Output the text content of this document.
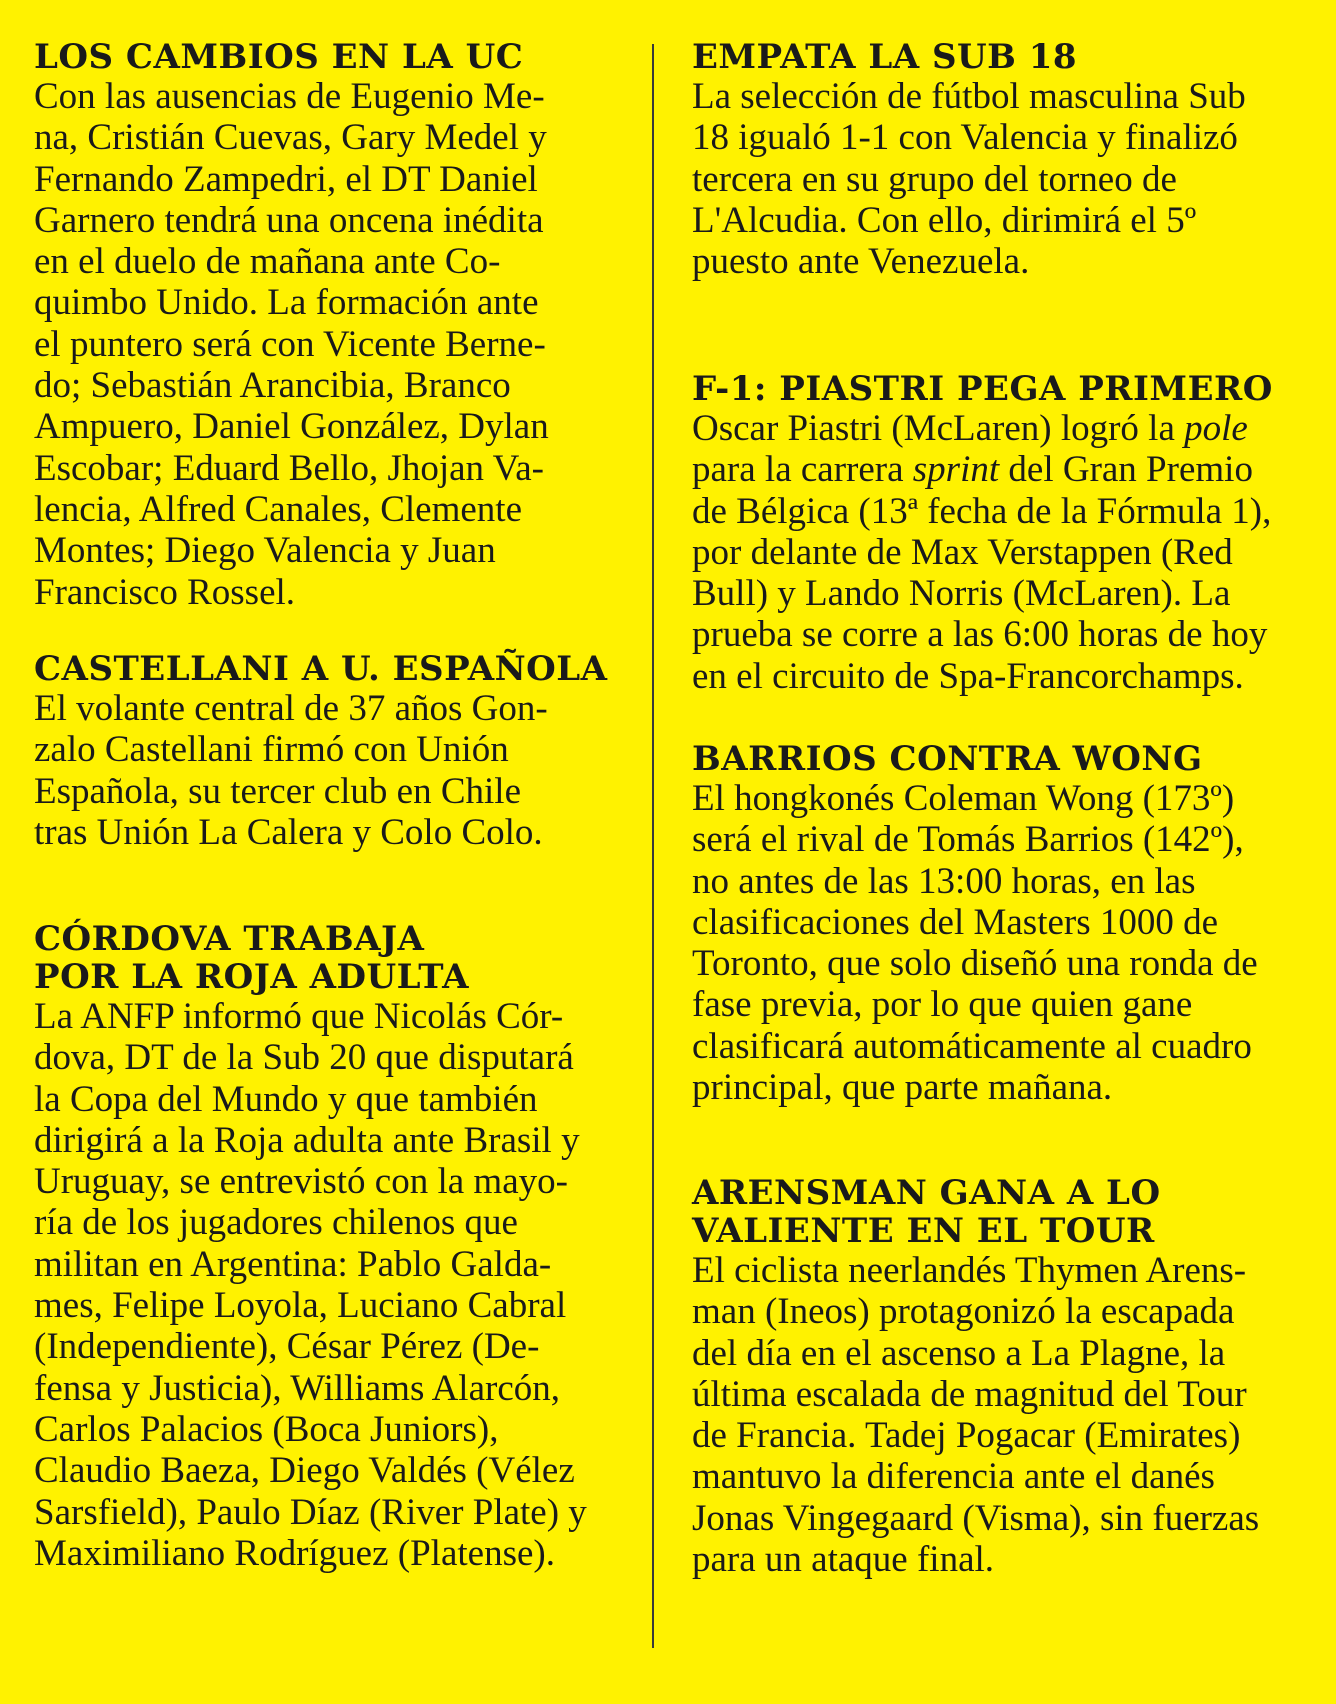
LOS CAMBIOS EN LA UC

Con las ausencias de Eugenio Me-
na, Cristián Cuevas, Gary Medel y
Fernando Zampedri, el DT Daniel
Garnero tendrá una oncena inédita
en el duelo de mañana ante Co-
quimbo Unido. La formación ante
el puntero será con Vicente Berne-
do; Sebastián Arancibia, Branco
Ampuero, Daniel González, Dylan
Escobar; Eduard Bello, Jhojan Va-
lencia, Alfred Canales, Clemente
Montes; Diego Valencia y Juan
Francisco Rossel.

CASTELLANI A U. ESPAÑOLA

El volante central de 37 años Gon-
zalo Castellani firmó con Unión
Española, su tercer club en Chile
tras Unión La Calera y Colo Colo.

CÓRDOVA TRABAJA
POR LA ROJA ADULTA

La ANFP informó que Nicolás Cór-
dova, DT de la Sub 20 que disputará
la Copa del Mundo y que también
dirigirá a la Roja adulta ante Brasil y
Uruguay, se entrevistó con la mayo-
ría de los jugadores chilenos que
militan en Argentina: Pablo Galda-
mes, Felipe Loyola, Luciano Cabral
(Independiente), César Pérez (De-
fensa y Justicia), Williams Alarcón,
Carlos Palacios (Boca Juniors),
Claudio Baeza, Diego Valdés (Vélez
Sarsfield), Paulo Díaz (River Plate) y
Maximiliano Rodríguez (Platense).

EMPATA LA SUB 18

La selección de fútbol masculina Sub
18 igualó 1-1 con Valencia y finalizó
tercera en su grupo del torneo de
L'Alcudia. Con ello, dirimirá el 5º
puesto ante Venezuela.

F-1: PIASTRI PEGA PRIMERO

Oscar Piastri (McLaren) logró la pole
para la carrera sprint del Gran Premio
de Bélgica (13ª fecha de la Fórmula 1),
por delante de Max Verstappen (Red
Bull) y Lando Norris (McLaren). La
prueba se corre a las 6:00 horas de hoy
en el circuito de Spa-Francorchamps.

BARRIOS CONTRA WONG

El hongkonés Coleman Wong (173º)
será el rival de Tomás Barrios (142º),
no antes de las 13:00 horas, en las
clasificaciones del Masters 1000 de
Toronto, que solo diseñó una ronda de
fase previa, por lo que quien gane
clasificará automáticamente al cuadro
principal, que parte mañana.

ARENSMAN GANA A LO
VALIENTE EN EL TOUR

El ciclista neerlandés Thymen Arens-
man (Ineos) protagonizó la escapada
del día en el ascenso a La Plagne, la
última escalada de magnitud del Tour
de Francia. Tadej Pogacar (Emirates)
mantuvo la diferencia ante el danés
Jonas Vingegaard (Visma), sin fuerzas
para un ataque final.
